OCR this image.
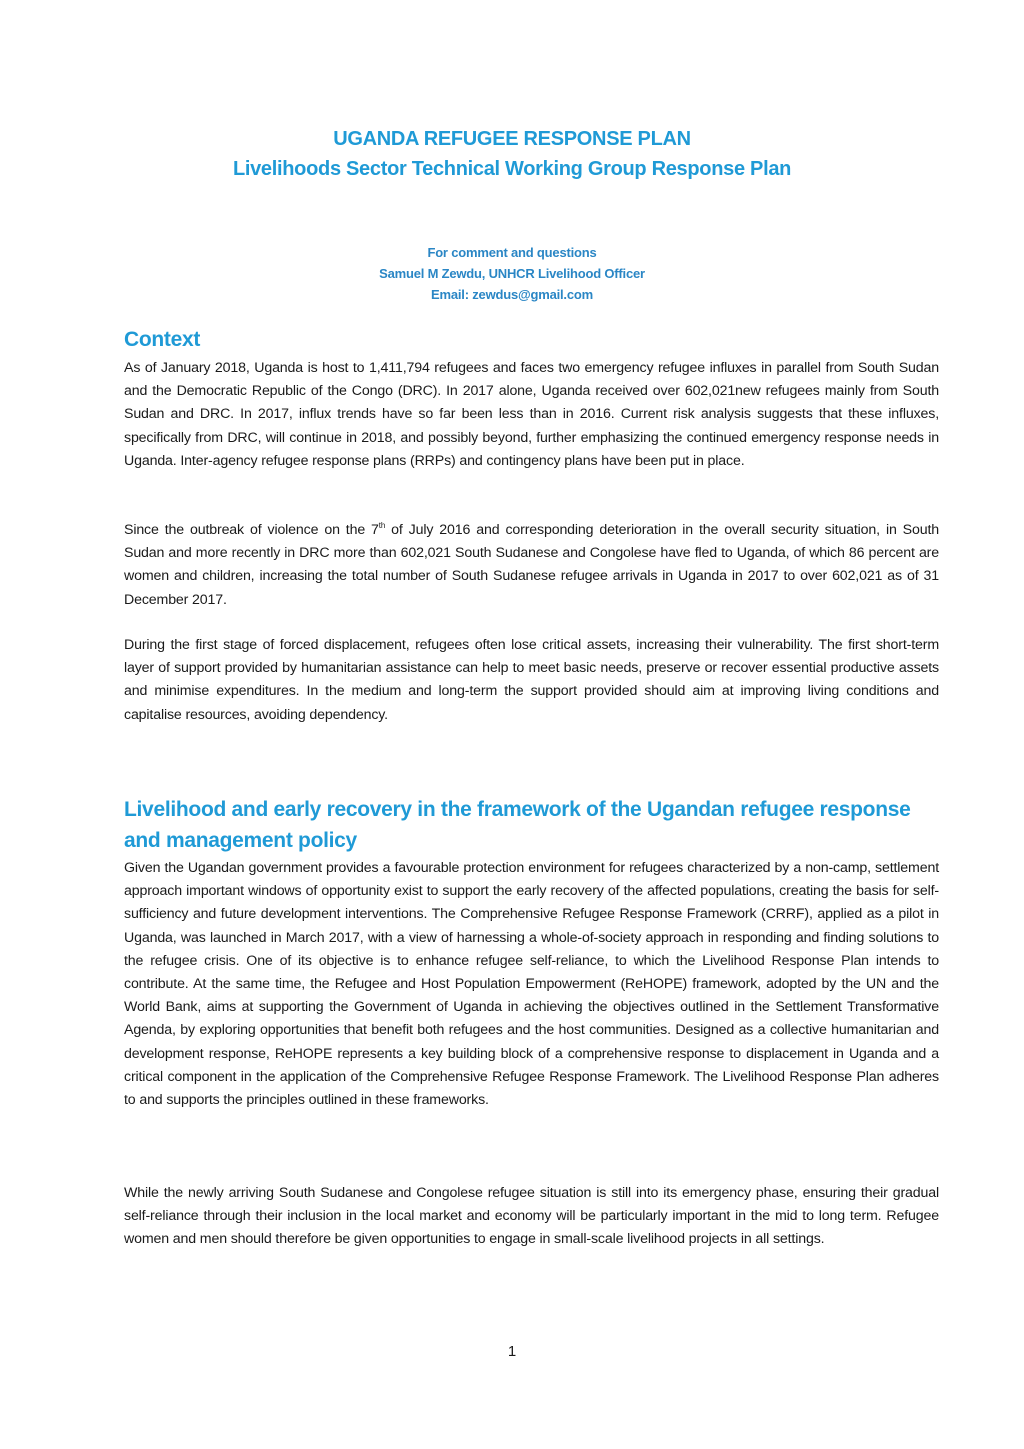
UGANDA REFUGEE RESPONSE PLAN
Livelihoods Sector Technical Working Group Response Plan
For comment and questions
Samuel M Zewdu, UNHCR Livelihood Officer
Email: zewdus@gmail.com
Context

As of January 2018, Uganda is host to 1,411,794 refugees and faces two emergency refugee influxes in parallel from South Sudan and the Democratic Republic of the Congo (DRC). In 2017 alone, Uganda received over 602,021new refugees mainly from South Sudan and DRC. In 2017, influx trends have so far been less than in 2016. Current risk analysis suggests that these influxes, specifically from DRC, will continue in 2018, and possibly beyond, further emphasizing the continued emergency response needs in Uganda. Inter-agency refugee response plans (RRPs) and contingency plans have been put in place.

Since the outbreak of violence on the 7th of July 2016 and corresponding deterioration in the overall security situation, in South Sudan and more recently in DRC more than 602,021 South Sudanese and Congolese have fled to Uganda, of which 86 percent are women and children, increasing the total number of South Sudanese refugee arrivals in Uganda in 2017 to over 602,021 as of 31 December 2017.

During the first stage of forced displacement, refugees often lose critical assets, increasing their vulnerability. The first short-term layer of support provided by humanitarian assistance can help to meet basic needs, preserve or recover essential productive assets and minimise expenditures. In the medium and long-term the support provided should aim at improving living conditions and capitalise resources, avoiding dependency.

Livelihood and early recovery in the framework of the Ugandan refugee response
and management policy

Given the Ugandan government provides a favourable protection environment for refugees characterized by a non-camp, settlement approach important windows of opportunity exist to support the early recovery of the affected populations, creating the basis for self-sufficiency and future development interventions. The Comprehensive Refugee Response Framework (CRRF), applied as a pilot in Uganda, was launched in March 2017, with a view of harnessing a whole-of-society approach in responding and finding solutions to the refugee crisis. One of its objective is to enhance refugee self-reliance, to which the Livelihood Response Plan intends to contribute. At the same time, the Refugee and Host Population Empowerment (ReHOPE) framework, adopted by the UN and the World Bank, aims at supporting the Government of Uganda in achieving the objectives outlined in the Settlement Transformative Agenda, by exploring opportunities that benefit both refugees and the host communities. Designed as a collective humanitarian and development response, ReHOPE represents a key building block of a comprehensive response to displacement in Uganda and a critical component in the application of the Comprehensive Refugee Response Framework. The Livelihood Response Plan adheres to and supports the principles outlined in these frameworks.

While the newly arriving South Sudanese and Congolese refugee situation is still into its emergency phase, ensuring their gradual self-reliance through their inclusion in the local market and economy will be particularly important in the mid to long term. Refugee women and men should therefore be given opportunities to engage in small-scale livelihood projects in all settings.

1
